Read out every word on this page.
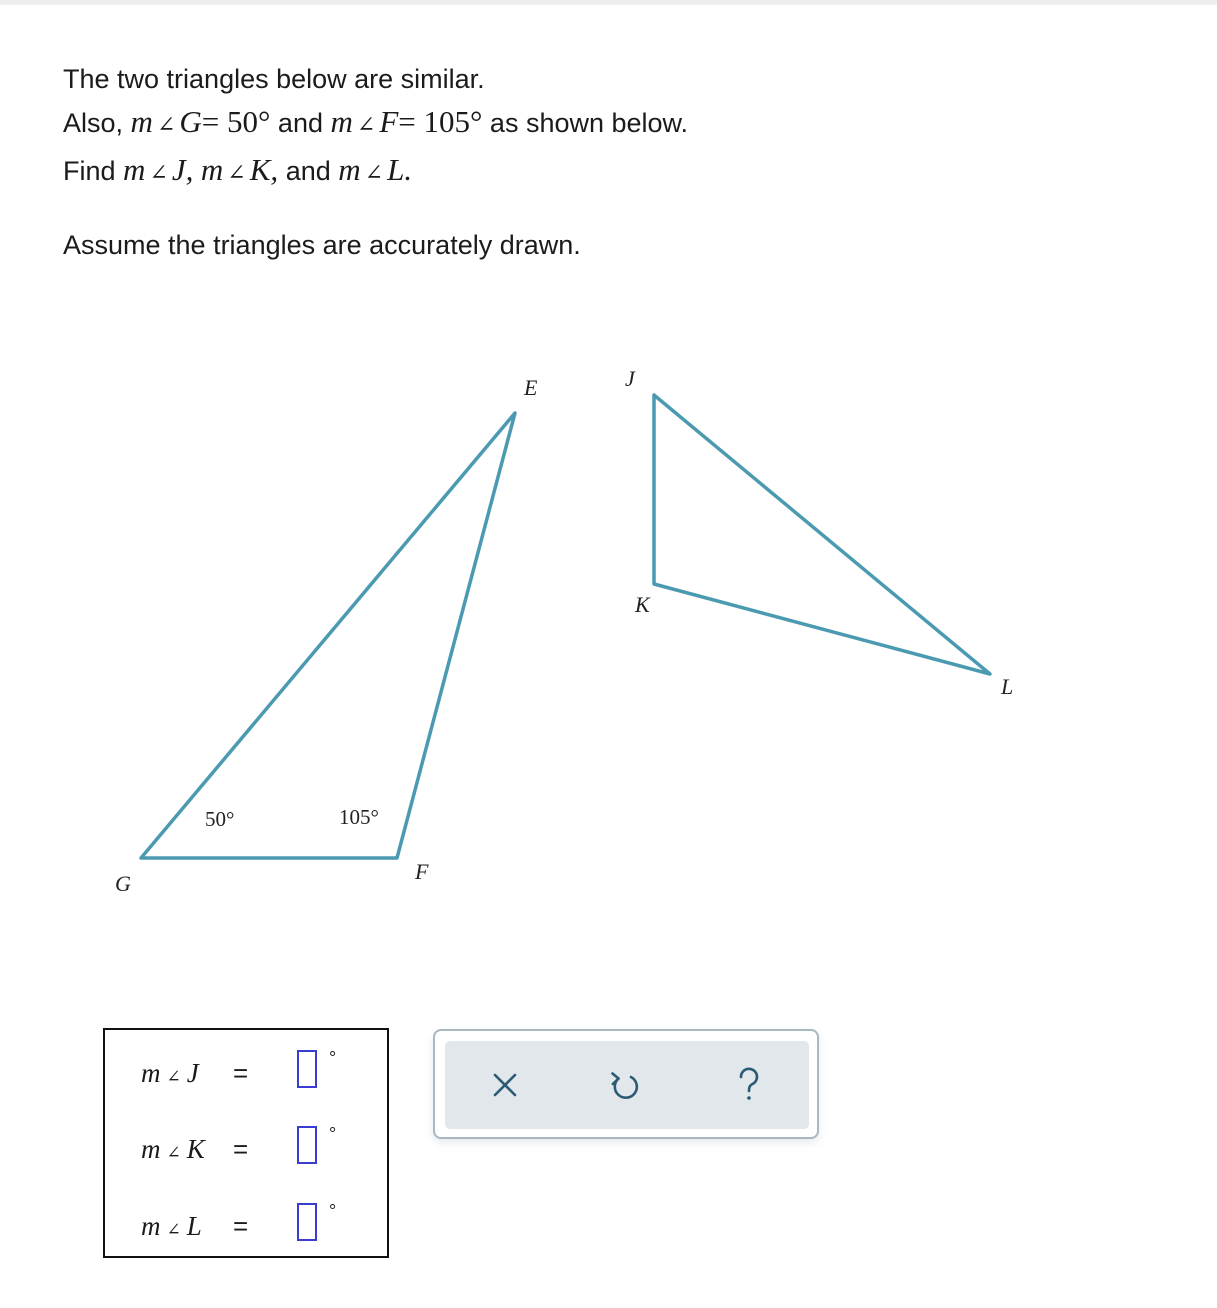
The two triangles below are similar.
Also, m ∠ G= 50° and m ∠ F= 105° as shown below.
Find m ∠ J, m ∠ K, and m ∠ L.
Assume the triangles are accurately drawn.
E
F
G
50°	105°
J
K
L
m ∠ J =	°
m ∠ K =	°
m ∠ L =	°
